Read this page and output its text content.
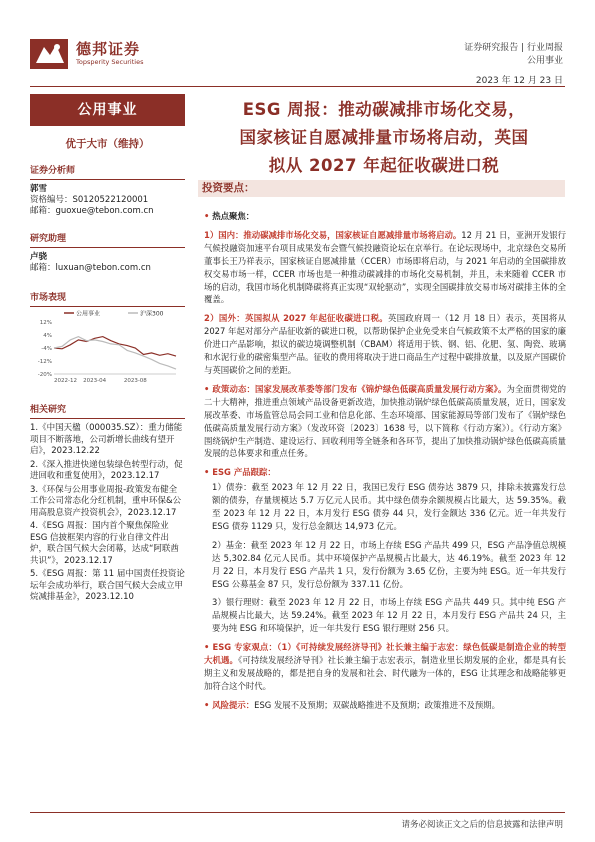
德邦证券
Topsperity Securities
证券研究报告 | 行业周报
公用事业
2023 年 12 月 23 日
公用事业
优于大市（维持）
证券分析师
郭雪
资格编号：S0120522120001
邮箱：guoxue@tebon.com.cn
研究助理
卢骁
邮箱：luxuan@tebon.com.cn
市场表现
公用事业	沪深300
12%
4%
-4%
-12%
-20%
2022-12 2023-04	2023-08
相关研究
1.《中国天楹（000035.SZ）：重力储能项目不断落地，公司新增长曲线有望开启》，2023.12.22
2.《深入推进快递包装绿色转型行动，促进回收和重复使用》，2023.12.17
3.《环保与公用事业周报-政策发布健全工作公司常态化分红机制，重申环保&公用高股息资产投资机会》，2023.12.17
4.《ESG 周报：国内首个聚焦保险业 ESG 信披框架内容的行业自律文件出炉，联合国气候大会闭幕，达成“阿联酋共识”》，2023.12.17
5.《ESG 周报：第 11 届中国责任投资论坛年会成功举行，联合国气候大会成立甲烷减排基金》，2023.12.10
ESG 周报：推动碳减排市场化交易，
国家核证自愿减排量市场将启动，英国
拟从 2027 年起征收碳进口税
投资要点：
• 热点聚焦：
1）国内：推动碳减排市场化交易，国家核证自愿减排量市场将启动。12 月 21 日，亚洲开发银行气候投融资加速平台项目成果发布会暨气候投融资论坛在京举行。在论坛现场中，北京绿色交易所董事长王乃祥表示，国家核证自愿减排量（CCER）市场即将启动，与 2021 年启动的全国碳排放权交易市场一样，CCER 市场也是一种推动碳减排的市场化交易机制，并且，未来随着 CCER 市场的启动，我国市场化机制降碳将真正实现“双轮驱动”，实现全国碳排放交易市场对碳排主体的全覆盖。
2）国外：英国拟从 2027 年起征收碳进口税。英国政府周一（12 月 18 日）表示，英国将从 2027 年起对部分产品征收新的碳进口税，以帮助保护企业免受来自气候政策不太严格的国家的廉价进口产品影响，拟议的碳边境调整机制（CBAM）将适用于铁、钢、铝、化肥、氢、陶瓷、玻璃和水泥行业的碳密集型产品。征收的费用将取决于进口商品生产过程中碳排放量，以及原产国碳价与英国碳价之间的差距。
• 政策动态：国家发展改革委等部门发布《锦炉绿色低碳高质量发展行动方案》。为全面贯彻党的二十大精神，推进重点领域产品设备更新改造，加快推动锅炉绿色低碳高质量发展，近日，国家发展改革委、市场监管总局会同工业和信息化部、生态环境部、国家能源局等部门发布了《锅炉绿色低碳高质量发展行动方案》（发改环资〔2023〕1638 号，以下简称《行动方案》）。《行动方案》围绕锅炉生产制造、建设运行、回收利用等全链条和各环节，提出了加快推动锅炉绿色低碳高质量发展的总体要求和重点任务。
• ESG 产品跟踪：
1）债券：截至 2023 年 12 月 22 日，我国已发行 ESG 债券达 3879 只，排除未披露发行总额的债券，存量规模达 5.7 万亿元人民币。其中绿色债券余额规模占比最大，达 59.35%。截至 2023 年 12 月 22 日，本月发行 ESG 债券 44 只，发行金额达 336 亿元。近一年共发行 ESG 债券 1129 只，发行总金额达 14,973 亿元。
2）基金：截至 2023 年 12 月 22 日，市场上存续 ESG 产品共 499 只，ESG 产品净值总规模达 5,302.84 亿元人民币。其中环境保护产品规模占比最大，达 46.19%。截至 2023 年 12 月 22 日，本月发行 ESG 产品共 1 只，发行份额为 3.65 亿份，主要为纯 ESG。近一年共发行 ESG 公募基金 87 只，发行总份额为 337.11 亿份。
3）银行理财：截至 2023 年 12 月 22 日，市场上存续 ESG 产品共 449 只。其中纯 ESG 产品规模占比最大，达 59.24%。截至 2023 年 12 月 22 日，本月发行 ESG 产品共 24 只，主要为纯 ESG 和环境保护，近一年共发行 ESG 银行理财 256 只。
• ESG 专家观点：（1）《可持续发展经济导刊》社长兼主编于志宏：绿色低碳是制造企业的转型大机遇。《可持续发展经济导刊》社长兼主编于志宏表示，制造业里长期发展的企业，都是具有长期主义和发展战略的，都是把自身的发展和社会、时代融为一体的，ESG 让其理念和战略能够更加符合这个时代。
• 风险提示：ESG 发展不及预期；双碳战略推进不及预期；政策推进不及预期。
请务必阅读正文之后的信息披露和法律声明
